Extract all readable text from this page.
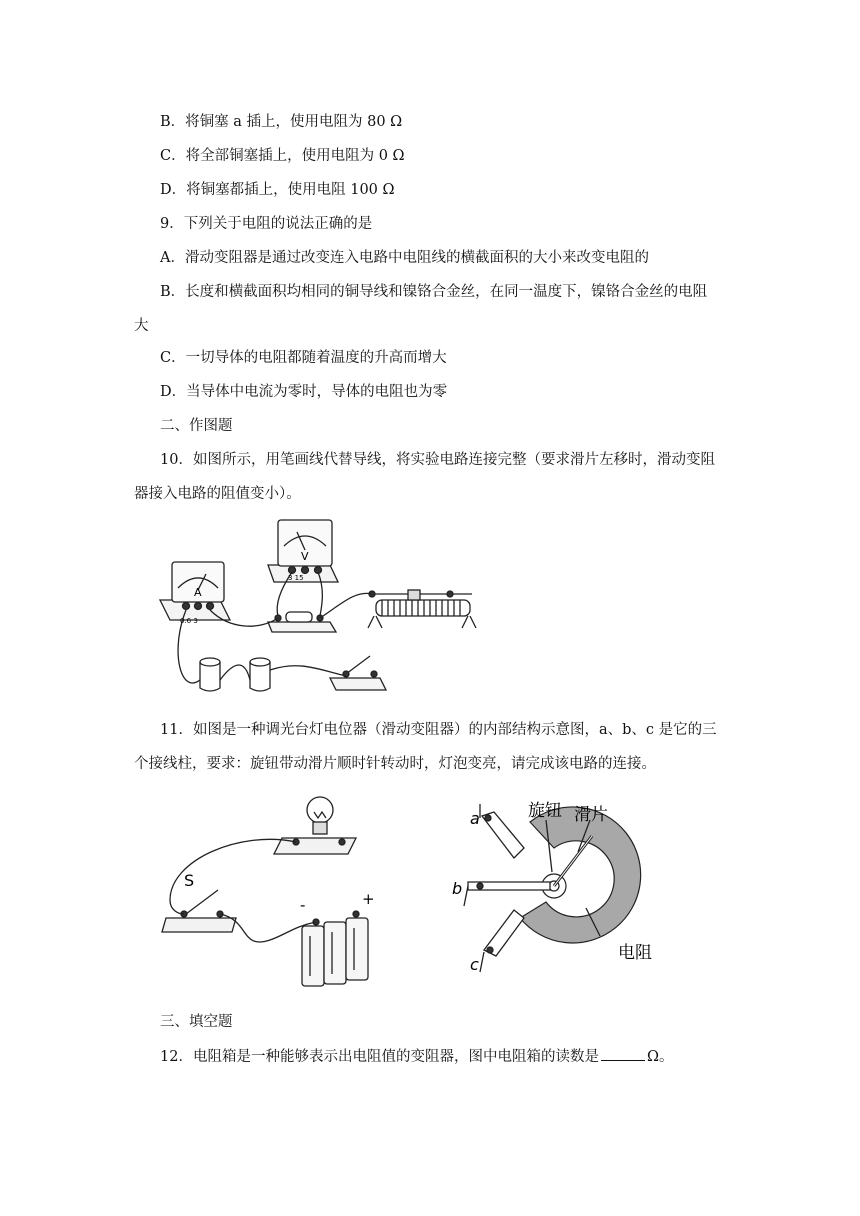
B．将铜塞 a 插上，使用电阻为 80 Ω
C．将全部铜塞插上，使用电阻为 0 Ω
D．将铜塞都插上，使用电阻 100 Ω
9．下列关于电阻的说法正确的是
A．滑动变阻器是通过改变连入电路中电阻线的横截面积的大小来改变电阻的
B．长度和横截面积均相同的铜导线和镍铬合金丝，在同一温度下，镍铬合金丝的电阻
大
C．一切导体的电阻都随着温度的升高而增大
D．当导体中电流为零时，导体的电阻也为零
二、作图题
10．如图所示，用笔画线代替导线，将实验电路连接完整（要求滑片左移时，滑动变阻
器接入电路的阻值变小）。
11．如图是一种调光台灯电位器（滑动变阻器）的内部结构示意图，a、b、c 是它的三
个接线柱，要求：旋钮带动滑片顺时针转动时，灯泡变亮，请完成该电路的连接。
三、填空题
12．电阻箱是一种能够表示出电阻值的变阻器，图中电阻箱的读数是	Ω。
A
0.6 3
V
3 15
S
-	+
a
b
c
旋钮 滑片
电阻
